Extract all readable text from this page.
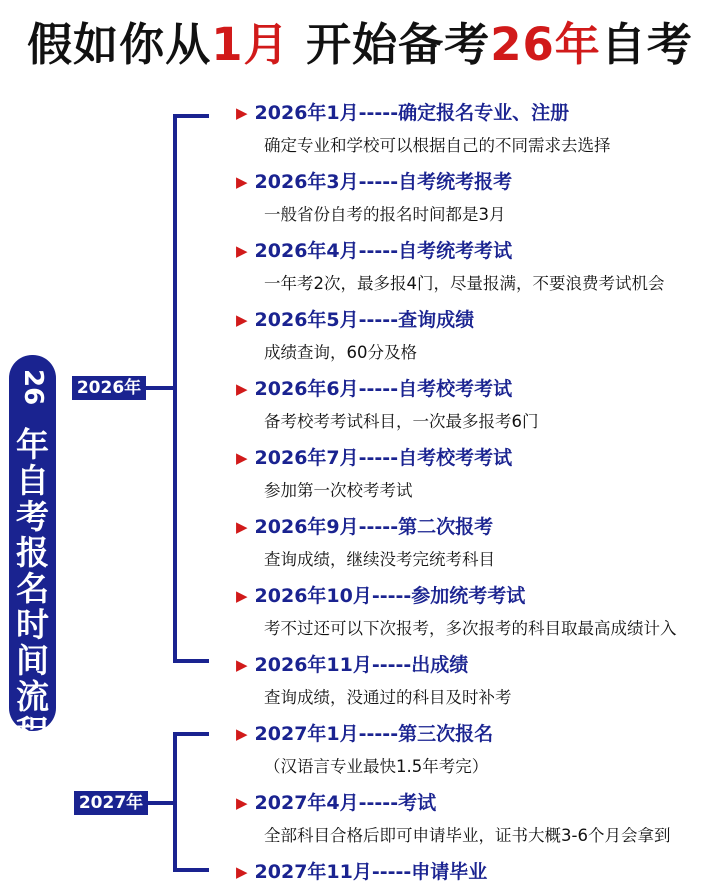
假如你从1月 开始备考26年自考
26
年
自
考
报
名
时
间
流
程
2026年
2027年
▶ 2026年1月-----确定报名专业、注册
确定专业和学校可以根据自己的不同需求去选择
▶ 2026年3月-----自考统考报考
一般省份自考的报名时间都是3月
▶ 2026年4月-----自考统考考试
一年考2次，最多报4门，尽量报满，不要浪费考试机会
▶ 2026年5月-----查询成绩
成绩查询，60分及格
▶ 2026年6月-----自考校考考试
备考校考考试科目，一次最多报考6门
▶ 2026年7月-----自考校考考试
参加第一次校考考试
▶ 2026年9月-----第二次报考
查询成绩，继续没考完统考科目
▶ 2026年10月-----参加统考考试
考不过还可以下次报考，多次报考的科目取最高成绩计入
▶ 2026年11月-----出成绩
查询成绩，没通过的科目及时补考
▶ 2027年1月-----第三次报名
（汉语言专业最快1.5年考完）
▶ 2027年4月-----考试
全部科目合格后即可申请毕业，证书大概3-6个月会拿到
▶ 2027年11月-----申请毕业
